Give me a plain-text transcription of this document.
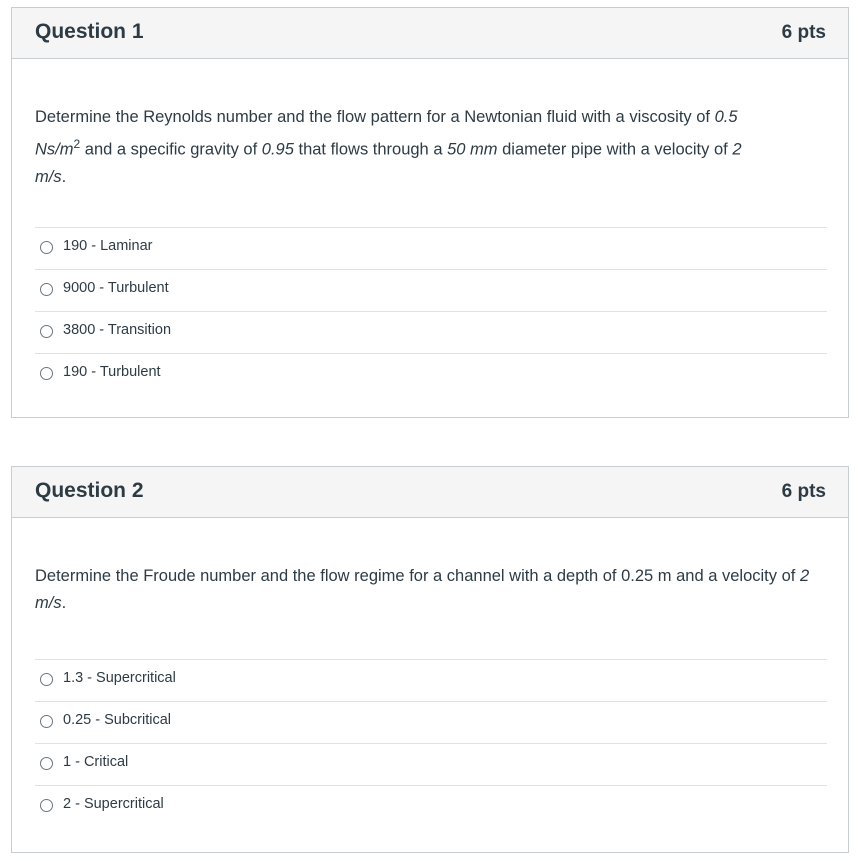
Question 1	6 pts
Determine the Reynolds number and the flow pattern for a Newtonian fluid with a viscosity of 0.5
$Ns/m^2$ and a specific gravity of 0.95 that flows through a 50 mm diameter pipe with a velocity of 2
m/s.
190 - Laminar
9000 - Turbulent
3800 - Transition
190 - Turbulent
Question 2	6 pts
Determine the Froude number and the flow regime for a channel with a depth of 0.25 m and a velocity of 2 m/s.
1.3 - Supercritical
0.25 - Subcritical
1 - Critical
2 - Supercritical
